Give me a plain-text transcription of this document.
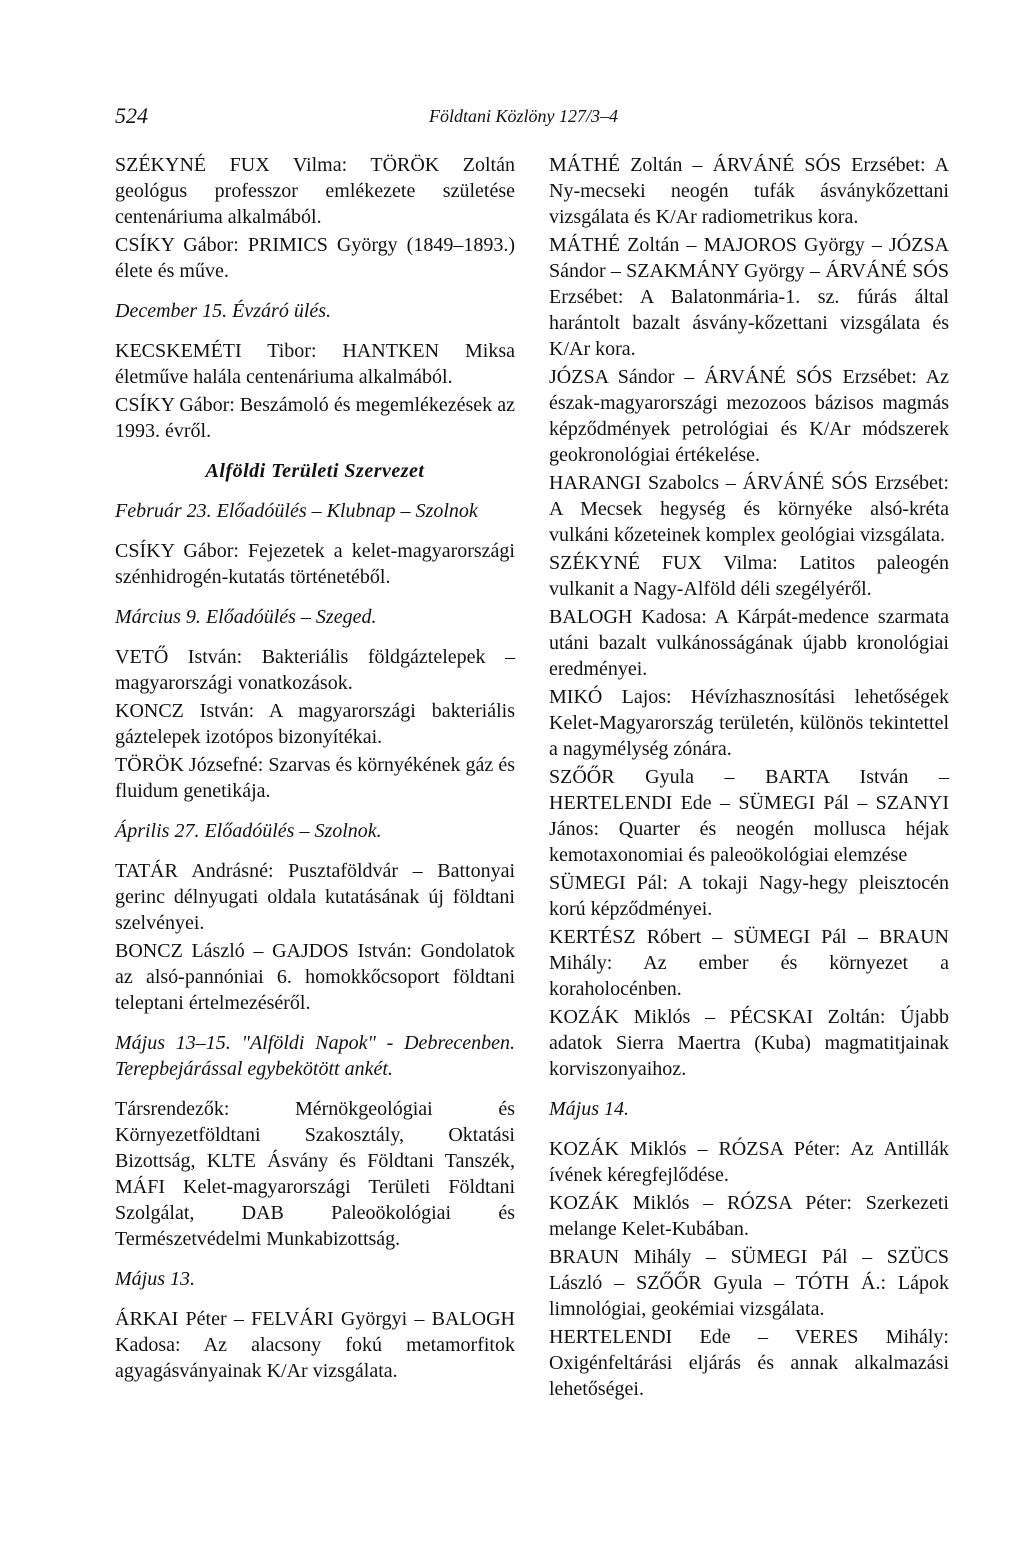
524	Földtani Közlöny 127/3–4

SZÉKYNÉ FUX Vilma: TÖRÖK Zoltán geológus professzor emlékezete születése centenáriuma alkalmából.

CSÍKY Gábor: PRIMICS György (1849–1893.) élete és műve.

December 15. Évzáró ülés.

KECSKEMÉTI Tibor: HANTKEN Miksa életműve halála centenáriuma alkalmából.

CSÍKY Gábor: Beszámoló és megemlékezések az 1993. évről.

Alföldi Területi Szervezet

Február 23. Előadóülés – Klubnap – Szolnok

CSÍKY Gábor: Fejezetek a kelet-magyarországi szénhidrogén-kutatás történetéből.

Március 9. Előadóülés – Szeged.

VETŐ István: Bakteriális földgáztelepek – magyarországi vonatkozások.

KONCZ István: A magyarországi bakteriális gáztelepek izotópos bizonyítékai.

TÖRÖK Józsefné: Szarvas és környékének gáz és fluidum genetikája.

Április 27. Előadóülés – Szolnok.

TATÁR Andrásné: Pusztaföldvár – Battonyai gerinc délnyugati oldala kutatásának új földtani szelvényei.

BONCZ László – GAJDOS István: Gondolatok az alsó-pannóniai 6. homokkőcsoport földtani teleptani értelmezéséről.

Május 13–15. "Alföldi Napok" - Debrecenben. Terepbejárással egybekötött ankét.

Társrendezők: Mérnökgeológiai és Környezetföldtani Szakosztály, Oktatási Bizottság, KLTE Ásvány és Földtani Tanszék, MÁFI Kelet-magyarországi Területi Földtani Szolgálat, DAB Paleoökológiai és Természetvédelmi Munkabizottság.

Május 13.

ÁRKAI Péter – FELVÁRI Györgyi – BALOGH Kadosa: Az alacsony fokú metamorfitok agyagásványainak K/Ar vizsgálata.

MÁTHÉ Zoltán – ÁRVÁNÉ SÓS Erzsébet: A Ny-mecseki neogén tufák ásványkőzettani vizsgálata és K/Ar radiometrikus kora.

MÁTHÉ Zoltán – MAJOROS György – JÓZSA Sándor – SZAKMÁNY György – ÁRVÁNÉ SÓS Erzsébet: A Balatonmária-1. sz. fúrás által harántolt bazalt ásvány-kőzettani vizsgálata és K/Ar kora.

JÓZSA Sándor – ÁRVÁNÉ SÓS Erzsébet: Az észak-magyarországi mezozoos bázisos magmás képződmények petrológiai és K/Ar módszerek geokronológiai értékelése.

HARANGI Szabolcs – ÁRVÁNÉ SÓS Erzsébet: A Mecsek hegység és környéke alsó-kréta vulkáni kőzeteinek komplex geológiai vizsgálata.

SZÉKYNÉ FUX Vilma: Latitos paleogén vulkanit a Nagy-Alföld déli szegélyéről.

BALOGH Kadosa: A Kárpát-medence szarmata utáni bazalt vulkánosságának újabb kronológiai eredményei.

MIKÓ Lajos: Hévízhasznosítási lehetőségek Kelet-Magyarország területén, különös tekintettel a nagymélység zónára.

SZŐŐR Gyula – BARTA István – HERTELENDI Ede – SÜMEGI Pál – SZANYI János: Quarter és neogén mollusca héjak kemotaxonomiai és paleoökológiai elemzése

SÜMEGI Pál: A tokaji Nagy-hegy pleisztocén korú képződményei.

KERTÉSZ Róbert – SÜMEGI Pál – BRAUN Mihály: Az ember és környezet a koraholocénben.

KOZÁK Miklós – PÉCSKAI Zoltán: Újabb adatok Sierra Maertra (Kuba) magmatitjainak korviszonyaihoz.

Május 14.

KOZÁK Miklós – RÓZSA Péter: Az Antillák ívének kéregfejlődése.

KOZÁK Miklós – RÓZSA Péter: Szerkezeti melange Kelet-Kubában.

BRAUN Mihály – SÜMEGI Pál – SZÜCS László – SZŐŐR Gyula – TÓTH Á.: Lápok limnológiai, geokémiai vizsgálata.

HERTELENDI Ede – VERES Mihály: Oxigénfeltárási eljárás és annak alkalmazási lehetőségei.
